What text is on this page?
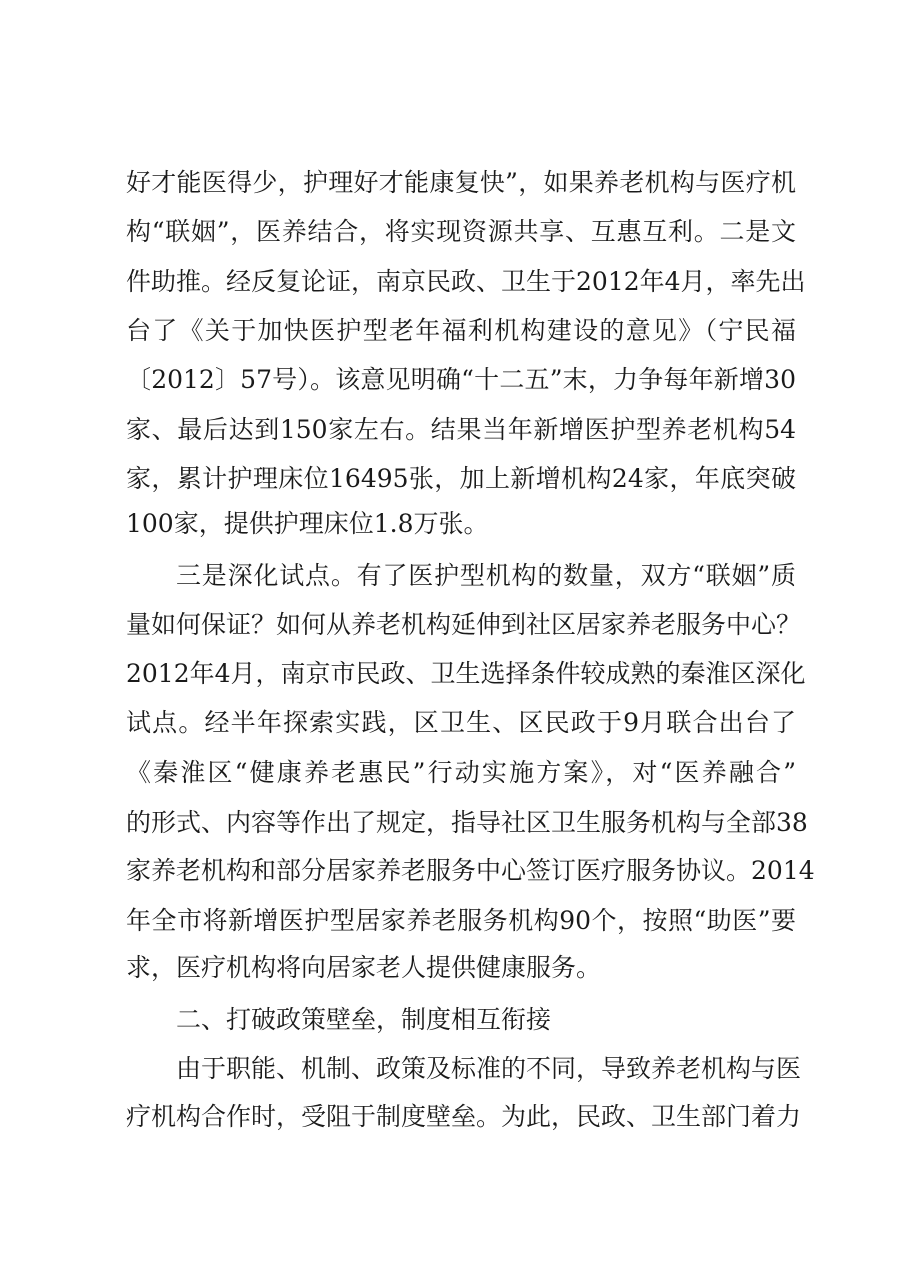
好才能医得少，护理好才能康复快”，如果养老机构与医疗机
构“联姻”，医养结合，将实现资源共享、互惠互利。二是文
件助推。经反复论证，南京民政、卫生于2012年4月，率先出
台了《关于加快医护型老年福利机构建设的意见》（宁民福
〔2012〕57号）。该意见明确“十二五”末，力争每年新增30
家、最后达到150家左右。结果当年新增医护型养老机构54
家，累计护理床位16495张，加上新增机构24家，年底突破
100家，提供护理床位1.8万张。
三是深化试点。有了医护型机构的数量，双方“联姻”质
量如何保证？如何从养老机构延伸到社区居家养老服务中心？
2012年4月，南京市民政、卫生选择条件较成熟的秦淮区深化
试点。经半年探索实践，区卫生、区民政于9月联合出台了
《秦淮区“健康养老惠民”行动实施方案》，对“医养融合”
的形式、内容等作出了规定，指导社区卫生服务机构与全部38
家养老机构和部分居家养老服务中心签订医疗服务协议。2014
年全市将新增医护型居家养老服务机构90个，按照“助医”要
求，医疗机构将向居家老人提供健康服务。
二、打破政策壁垒，制度相互衔接
由于职能、机制、政策及标准的不同，导致养老机构与医
疗机构合作时，受阻于制度壁垒。为此，民政、卫生部门着力
